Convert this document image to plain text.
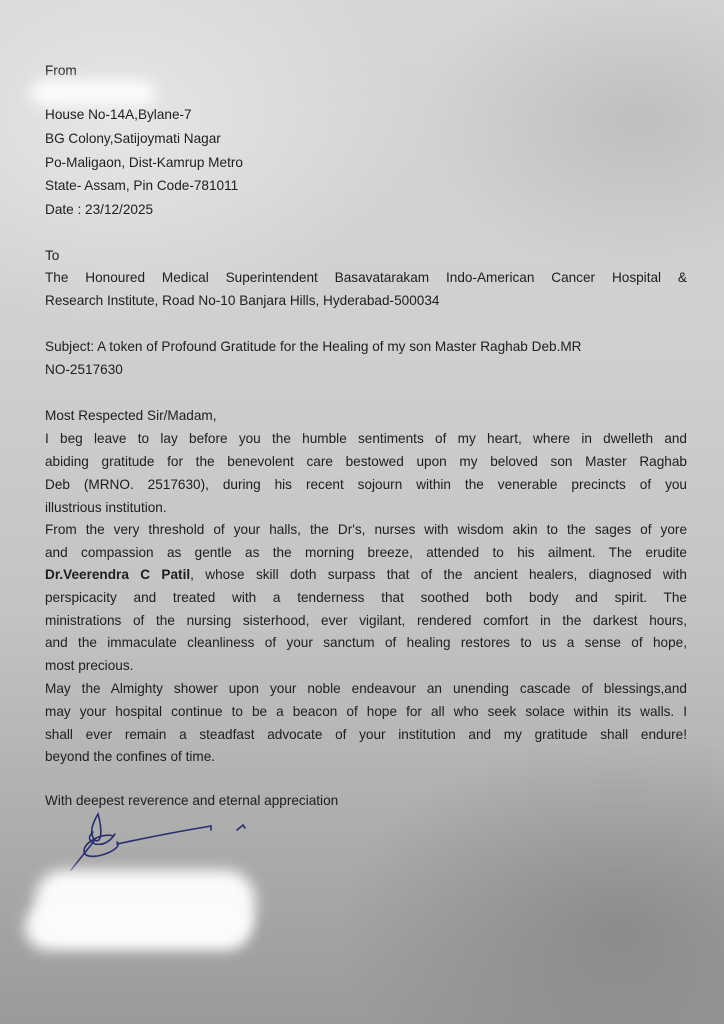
From
House No-14A,Bylane-7
BG Colony,Satijoymati Nagar
Po-Maligaon, Dist-Kamrup Metro
State- Assam, Pin Code-781011
Date : 23/12/2025
To
The Honoured Medical Superintendent Basavatarakam Indo-American Cancer Hospital &
Research Institute, Road No-10 Banjara Hills, Hyderabad-500034
Subject: A token of Profound Gratitude for the Healing of my son Master Raghab Deb.MR
NO-2517630
Most Respected Sir/Madam,
I beg leave to lay before you the humble sentiments of my heart, where in dwelleth and
abiding gratitude for the benevolent care bestowed upon my beloved son Master Raghab
Deb (MRNO. 2517630), during his recent sojourn within the venerable precincts of you
illustrious institution.
From the very threshold of your halls, the Dr's, nurses with wisdom akin to the sages of yore
and compassion as gentle as the morning breeze, attended to his ailment. The erudite
Dr.Veerendra C Patil, whose skill doth surpass that of the ancient healers, diagnosed with
perspicacity and treated with a tenderness that soothed both body and spirit. The
ministrations of the nursing sisterhood, ever vigilant, rendered comfort in the darkest hours,
and the immaculate cleanliness of your sanctum of healing restores to us a sense of hope,
most precious.
May the Almighty shower upon your noble endeavour an unending cascade of blessings,and
may your hospital continue to be a beacon of hope for all who seek solace within its walls. I
shall ever remain a steadfast advocate of your institution and my gratitude shall endure!
beyond the confines of time.
With deepest reverence and eternal appreciation
